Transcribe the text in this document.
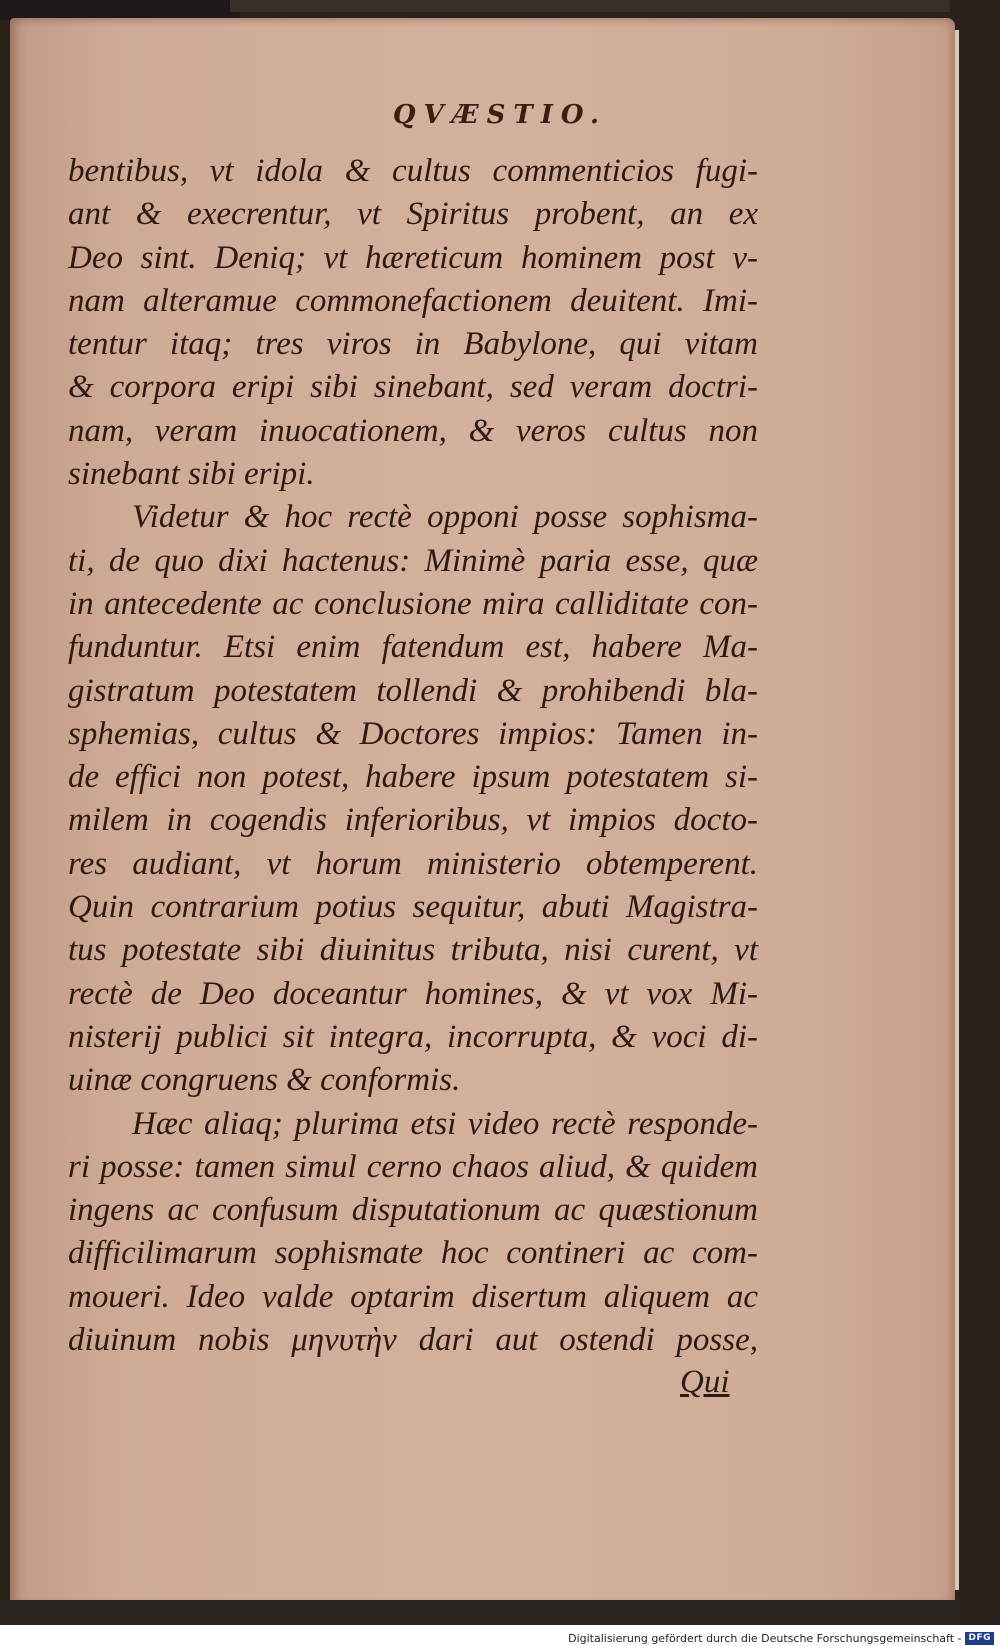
QVÆSTIO.
bentibus, vt idola & cultus commenticios fugi-
ant & execrentur, vt Spiritus probent, an ex
Deo sint. Deniq; vt hæreticum hominem post v-
nam alteramue commonefactionem deuitent. Imi-
tentur itaq; tres viros in Babylone, qui vitam
& corpora eripi sibi sinebant, sed veram doctri-
nam, veram inuocationem, & veros cultus non
sinebant sibi eripi.
Videtur & hoc rectè opponi posse sophisma-
ti, de quo dixi hactenus: Minimè paria esse, quæ
in antecedente ac conclusione mira calliditate con-
funduntur. Etsi enim fatendum est, habere Ma-
gistratum potestatem tollendi & prohibendi bla-
sphemias, cultus & Doctores impios: Tamen in-
de effici non potest, habere ipsum potestatem si-
milem in cogendis inferioribus, vt impios docto-
res audiant, vt horum ministerio obtemperent.
Quin contrarium potius sequitur, abuti Magistra-
tus potestate sibi diuinitus tributa, nisi curent, vt
rectè de Deo doceantur homines, & vt vox Mi-
nisterij publici sit integra, incorrupta, & voci di-
uinæ congruens & conformis.
Hæc aliaq; plurima etsi video rectè responde-
ri posse: tamen simul cerno chaos aliud, & quidem
ingens ac confusum disputationum ac quæstionum
difficilimarum sophismate hoc contineri ac com-
moueri. Ideo valde optarim disertum aliquem ac
diuinum nobis μηνυτὴν dari aut ostendi posse,
Qui
Digitalisierung gefördert durch die Deutsche Forschungsgemeinschaft - DFG
